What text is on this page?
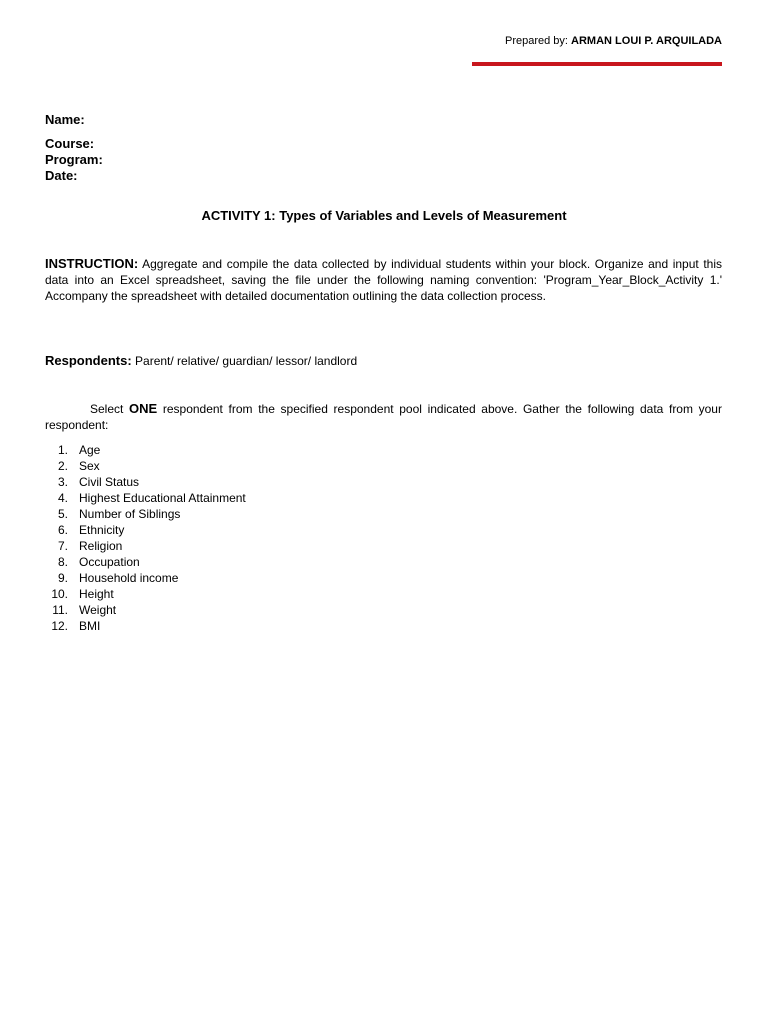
Prepared by: ARMAN LOUI P. ARQUILADA
Name:
Course:
Program:
Date:
ACTIVITY 1: Types of Variables and Levels of Measurement
INSTRUCTION: Aggregate and compile the data collected by individual students within your block. Organize and input this data into an Excel spreadsheet, saving the file under the following naming convention: 'Program_Year_Block_Activity 1.' Accompany the spreadsheet with detailed documentation outlining the data collection process.
Respondents: Parent/ relative/ guardian/ lessor/ landlord
Select ONE respondent from the specified respondent pool indicated above. Gather the following data from your respondent:
1. Age
2. Sex
3. Civil Status
4. Highest Educational Attainment
5. Number of Siblings
6. Ethnicity
7. Religion
8. Occupation
9. Household income
10. Height
11. Weight
12. BMI
